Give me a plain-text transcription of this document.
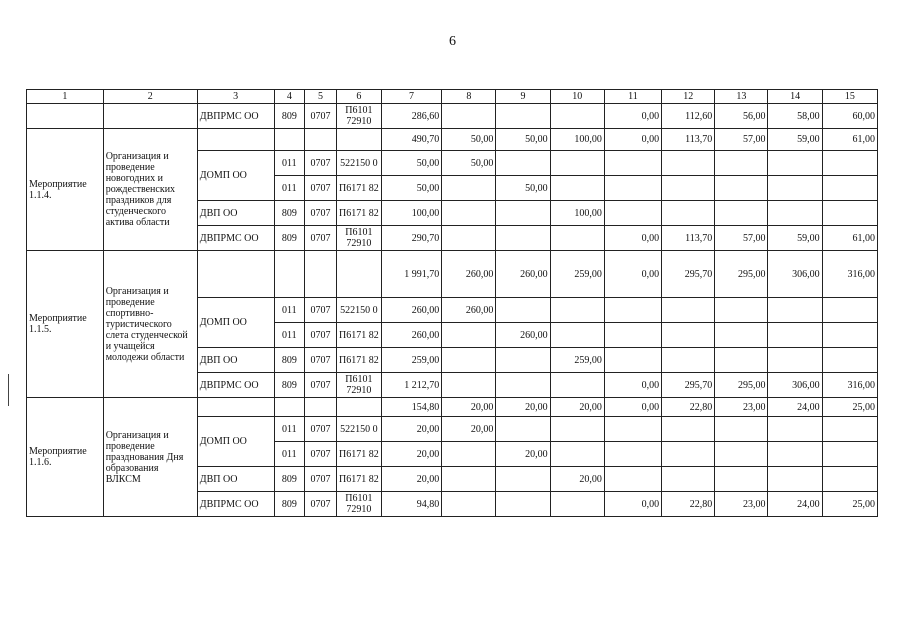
6
1	2	3	4	5	6	7	8	9	10	11	12	13	14	15
		ДВПРМС ОО	809	0707	П6101 72910	286,60				0,00	112,60	56,00	58,00	60,00
Мероприятие 1.1.4.	Организация и проведение новогодних и рождественских праздников для студенческого актива области					490,70	50,00	50,00	100,00	0,00	113,70	57,00	59,00	61,00
		ДОМП ОО	011	0707	522150 0	50,00	50,00							
			011	0707	П6171 82	50,00		50,00						
		ДВП ОО	809	0707	П6171 82	100,00			100,00					
		ДВПРМС ОО	809	0707	П6101 72910	290,70				0,00	113,70	57,00	59,00	61,00
Мероприятие 1.1.5.	Организация и проведение спортивно-туристического слета студенческой и учащейся молодежи области					1 991,70	260,00	260,00	259,00	0,00	295,70	295,00	306,00	316,00
		ДОМП ОО	011	0707	522150 0	260,00	260,00							
			011	0707	П6171 82	260,00		260,00						
		ДВП ОО	809	0707	П6171 82	259,00			259,00					
		ДВПРМС ОО	809	0707	П6101 72910	1 212,70				0,00	295,70	295,00	306,00	316,00
Мероприятие 1.1.6.	Организация и проведение празднования Дня образования ВЛКСМ					154,80	20,00	20,00	20,00	0,00	22,80	23,00	24,00	25,00
		ДОМП ОО	011	0707	522150 0	20,00	20,00							
			011	0707	П6171 82	20,00		20,00						
		ДВП ОО	809	0707	П6171 82	20,00			20,00					
		ДВПРМС ОО	809	0707	П6101 72910	94,80				0,00	22,80	23,00	24,00	25,00
